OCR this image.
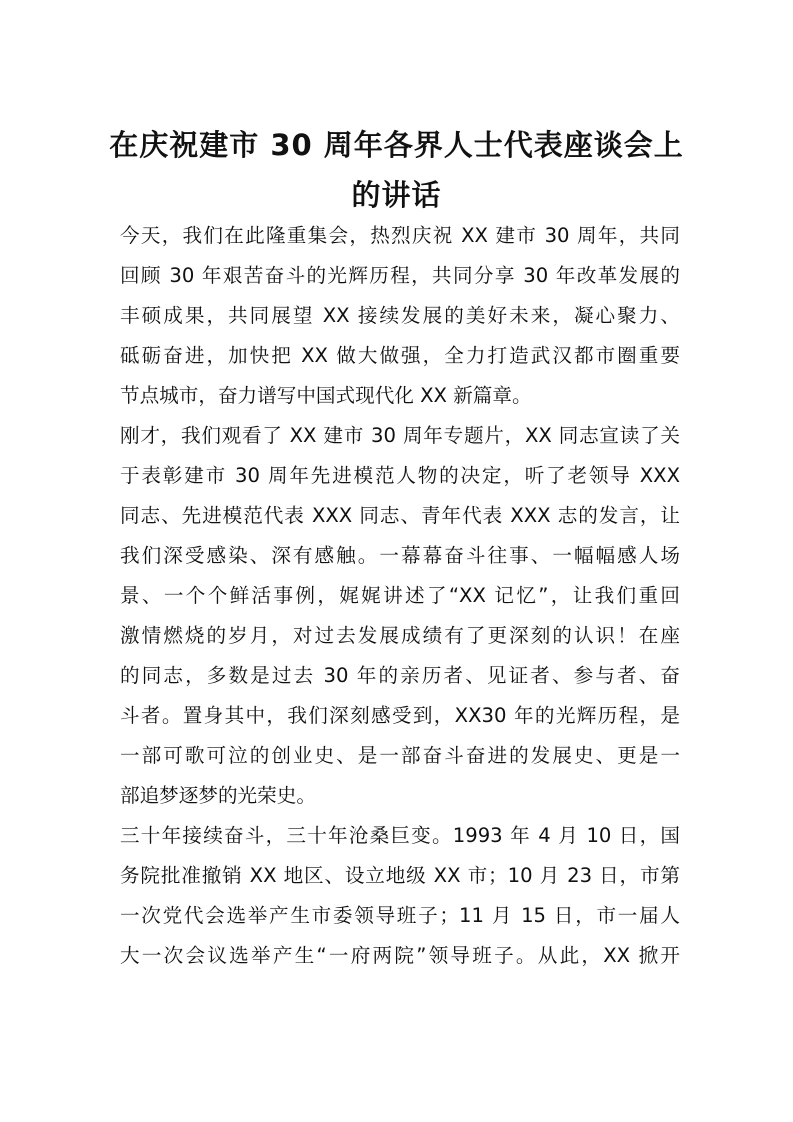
在庆祝建市 30 周年各界人士代表座谈会上
的讲话
今天，我们在此隆重集会，热烈庆祝 XX 建市 30 周年，共同
回顾 30 年艰苦奋斗的光辉历程，共同分享 30 年改革发展的
丰硕成果，共同展望 XX 接续发展的美好未来，凝心聚力、
砥砺奋进，加快把 XX 做大做强，全力打造武汉都市圈重要
节点城市，奋力谱写中国式现代化 XX 新篇章。
刚才，我们观看了 XX 建市 30 周年专题片，XX 同志宣读了关
于表彰建市 30 周年先进模范人物的决定，听了老领导 XXX
同志、先进模范代表 XXX 同志、青年代表 XXX 志的发言，让
我们深受感染、深有感触。一幕幕奋斗往事、一幅幅感人场
景、一个个鲜活事例，娓娓讲述了“XX 记忆”，让我们重回
激情燃烧的岁月，对过去发展成绩有了更深刻的认识！在座
的同志，多数是过去 30 年的亲历者、见证者、参与者、奋
斗者。置身其中，我们深刻感受到，XX30 年的光辉历程，是
一部可歌可泣的创业史、是一部奋斗奋进的发展史、更是一
部追梦逐梦的光荣史。
三十年接续奋斗，三十年沧桑巨变。1993 年 4 月 10 日，国
务院批准撤销 XX 地区、设立地级 XX 市；10 月 23 日，市第
一次党代会选举产生市委领导班子；11 月 15 日，市一届人
大一次会议选举产生“一府两院”领导班子。从此，XX 掀开
